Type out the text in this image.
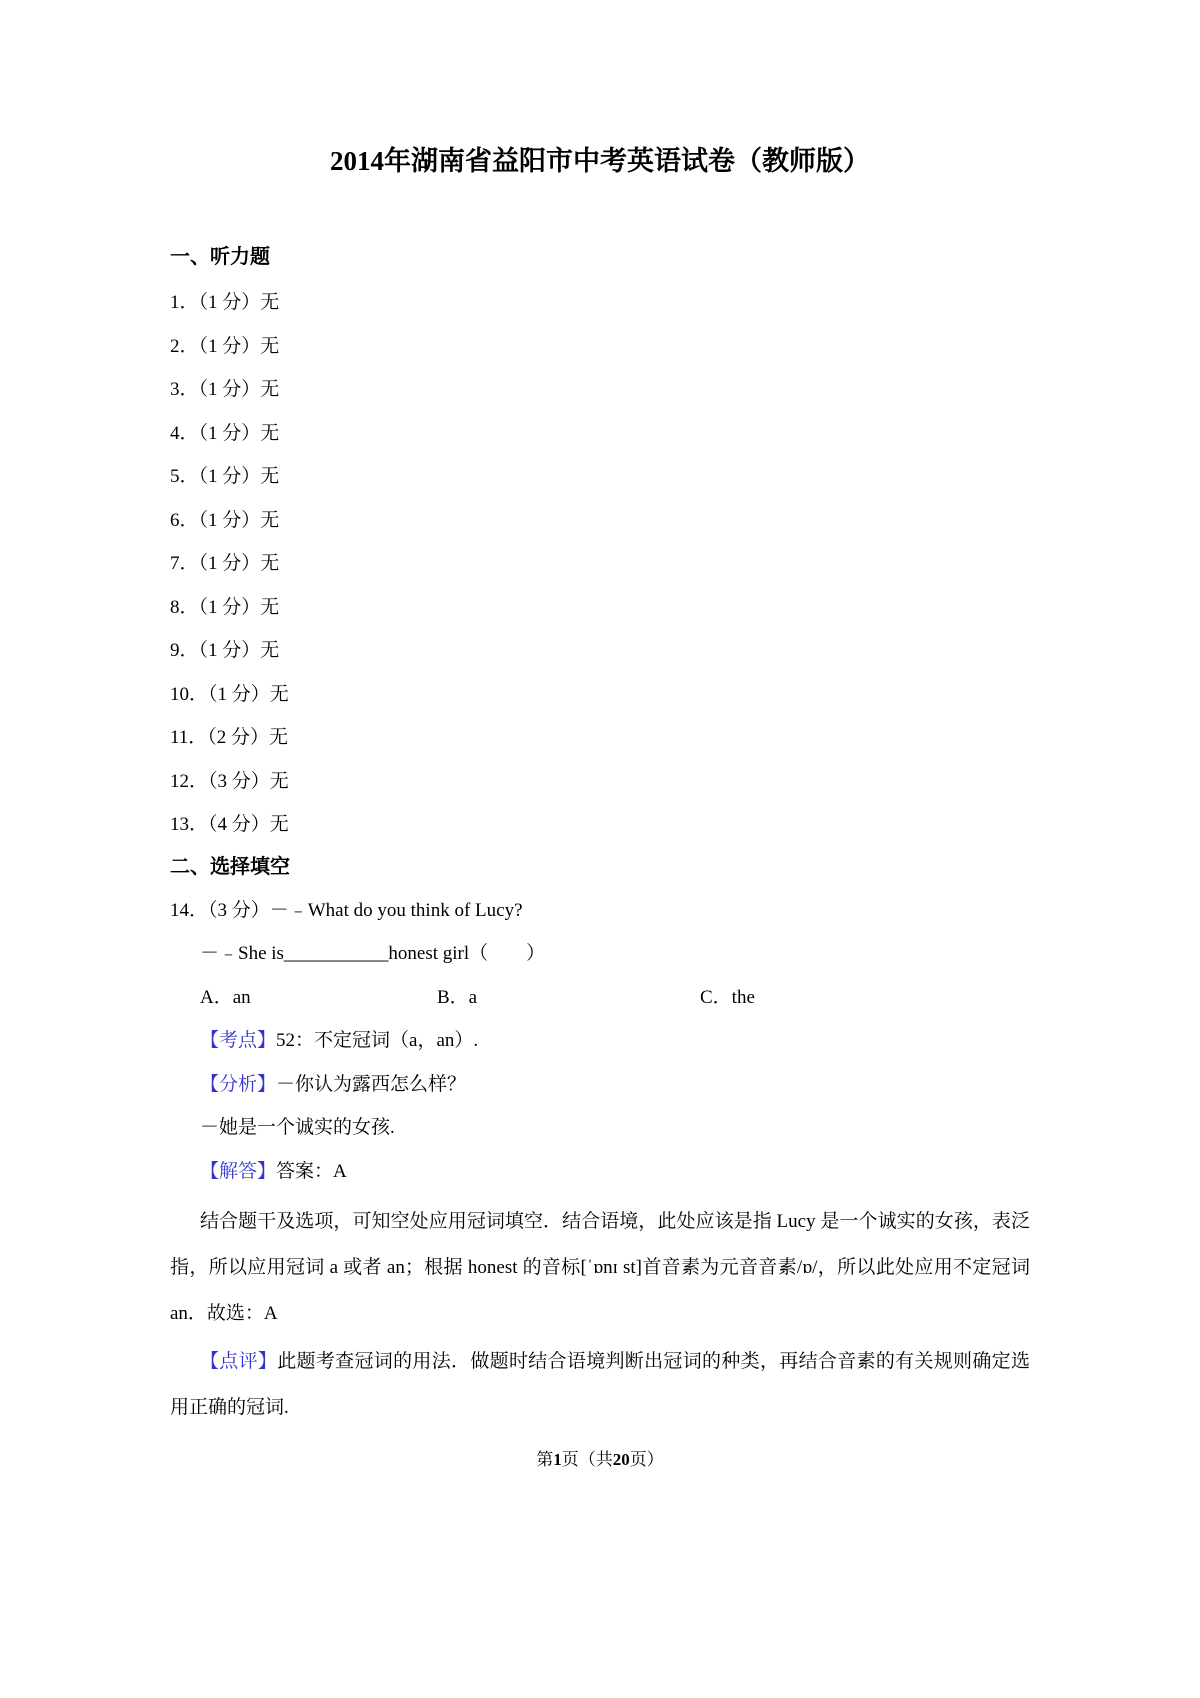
2014年湖南省益阳市中考英语试卷（教师版）
一、听力题
1．（1 分）无
2．（1 分）无
3．（1 分）无
4．（1 分）无
5．（1 分）无
6．（1 分）无
7．（1 分）无
8．（1 分）无
9．（1 分）无
10．（1 分）无
11．（2 分）无
12．（3 分）无
13．（4 分）无
二、选择填空
14．（3 分）－﹣What do you think of Lucy?
－﹣She is___________honest girl（　　）
A．an	B．a	C．the
【考点】52：不定冠词（a，an）.
【分析】－你认为露西怎么样？
－她是一个诚实的女孩.
【解答】答案：A

结合题干及选项，可知空处应用冠词填空．结合语境，此处应该是指 Lucy 是一个诚实的女孩，表泛指，所以应用冠词 a 或者 an；根据 honest 的音标[ˈɒnɪ st]首音素为元音音素/ɒ/，所以此处应用不定冠词 an．故选：A

【点评】此题考查冠词的用法．做题时结合语境判断出冠词的种类，再结合音素的有关规则确定选用正确的冠词.

第1页（共20页）
